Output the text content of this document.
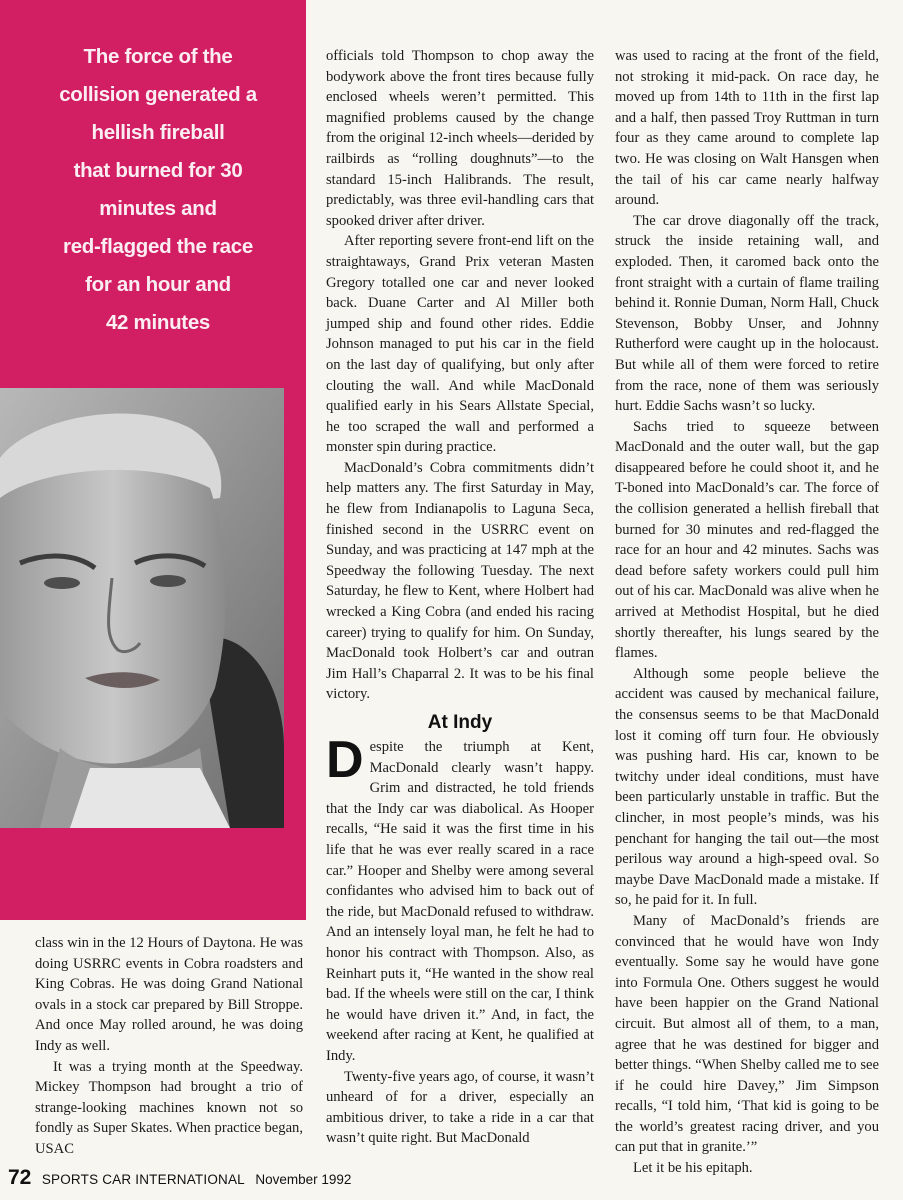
The force of the
collision generated a
hellish fireball
that burned for 30
minutes and
red-flagged the race
for an hour and
42 minutes

class win in the 12 Hours of Daytona. He was doing USRRC events in Cobra roadsters and King Cobras. He was doing Grand National ovals in a stock car prepared by Bill Stroppe. And once May rolled around, he was doing Indy as well.

It was a trying month at the Speedway. Mickey Thompson had brought a trio of strange-looking machines known not so fondly as Super Skates. When practice began, USAC

officials told Thompson to chop away the bodywork above the front tires because fully enclosed wheels weren’t permitted. This magnified problems caused by the change from the original 12-inch wheels—derided by railbirds as “rolling doughnuts”—to the standard 15-inch Halibrands. The result, predictably, was three evil-handling cars that spooked driver after driver.

After reporting severe front-end lift on the straightaways, Grand Prix veteran Masten Gregory totalled one car and never looked back. Duane Carter and Al Miller both jumped ship and found other rides. Eddie Johnson managed to put his car in the field on the last day of qualifying, but only after clouting the wall. And while MacDonald qualified early in his Sears Allstate Special, he too scraped the wall and performed a monster spin during practice.

MacDonald’s Cobra commitments didn’t help matters any. The first Saturday in May, he flew from Indianapolis to Laguna Seca, finished second in the USRRC event on Sunday, and was practicing at 147 mph at the Speedway the following Tuesday. The next Saturday, he flew to Kent, where Holbert had wrecked a King Cobra (and ended his racing career) trying to qualify for him. On Sunday, MacDonald took Holbert’s car and outran Jim Hall’s Chaparral 2. It was to be his final victory.

At Indy

Despite the triumph at Kent, MacDonald clearly wasn’t happy. Grim and distracted, he told friends that the Indy car was diabolical. As Hooper recalls, “He said it was the first time in his life that he was ever really scared in a race car.” Hooper and Shelby were among several confidantes who advised him to back out of the ride, but MacDonald refused to withdraw. And an intensely loyal man, he felt he had to honor his contract with Thompson. Also, as Reinhart puts it, “He wanted in the show real bad. If the wheels were still on the car, I think he would have driven it.” And, in fact, the weekend after racing at Kent, he qualified at Indy.

Twenty-five years ago, of course, it wasn’t unheard of for a driver, especially an ambitious driver, to take a ride in a car that wasn’t quite right. But MacDonald

was used to racing at the front of the field, not stroking it mid-pack. On race day, he moved up from 14th to 11th in the first lap and a half, then passed Troy Ruttman in turn four as they came around to complete lap two. He was closing on Walt Hansgen when the tail of his car came nearly halfway around.

The car drove diagonally off the track, struck the inside retaining wall, and exploded. Then, it caromed back onto the front straight with a curtain of flame trailing behind it. Ronnie Duman, Norm Hall, Chuck Stevenson, Bobby Unser, and Johnny Rutherford were caught up in the holocaust. But while all of them were forced to retire from the race, none of them was seriously hurt. Eddie Sachs wasn’t so lucky.

Sachs tried to squeeze between MacDonald and the outer wall, but the gap disappeared before he could shoot it, and he T-boned into MacDonald’s car. The force of the collision generated a hellish fireball that burned for 30 minutes and red-flagged the race for an hour and 42 minutes. Sachs was dead before safety workers could pull him out of his car. MacDonald was alive when he arrived at Methodist Hospital, but he died shortly thereafter, his lungs seared by the flames.

Although some people believe the accident was caused by mechanical failure, the consensus seems to be that MacDonald lost it coming off turn four. He obviously was pushing hard. His car, known to be twitchy under ideal conditions, must have been particularly unstable in traffic. But the clincher, in most people’s minds, was his penchant for hanging the tail out—the most perilous way around a high-speed oval. So maybe Dave MacDonald made a mistake. If so, he paid for it. In full.

Many of MacDonald’s friends are convinced that he would have won Indy eventually. Some say he would have gone into Formula One. Others suggest he would have been happier on the Grand National circuit. But almost all of them, to a man, agree that he was destined for bigger and better things. “When Shelby called me to see if he could hire Davey,” Jim Simpson recalls, “I told him, ‘That kid is going to be the world’s greatest racing driver, and you can put that in granite.’”

Let it be his epitaph.

72 SPORTS CAR INTERNATIONAL November 1992
